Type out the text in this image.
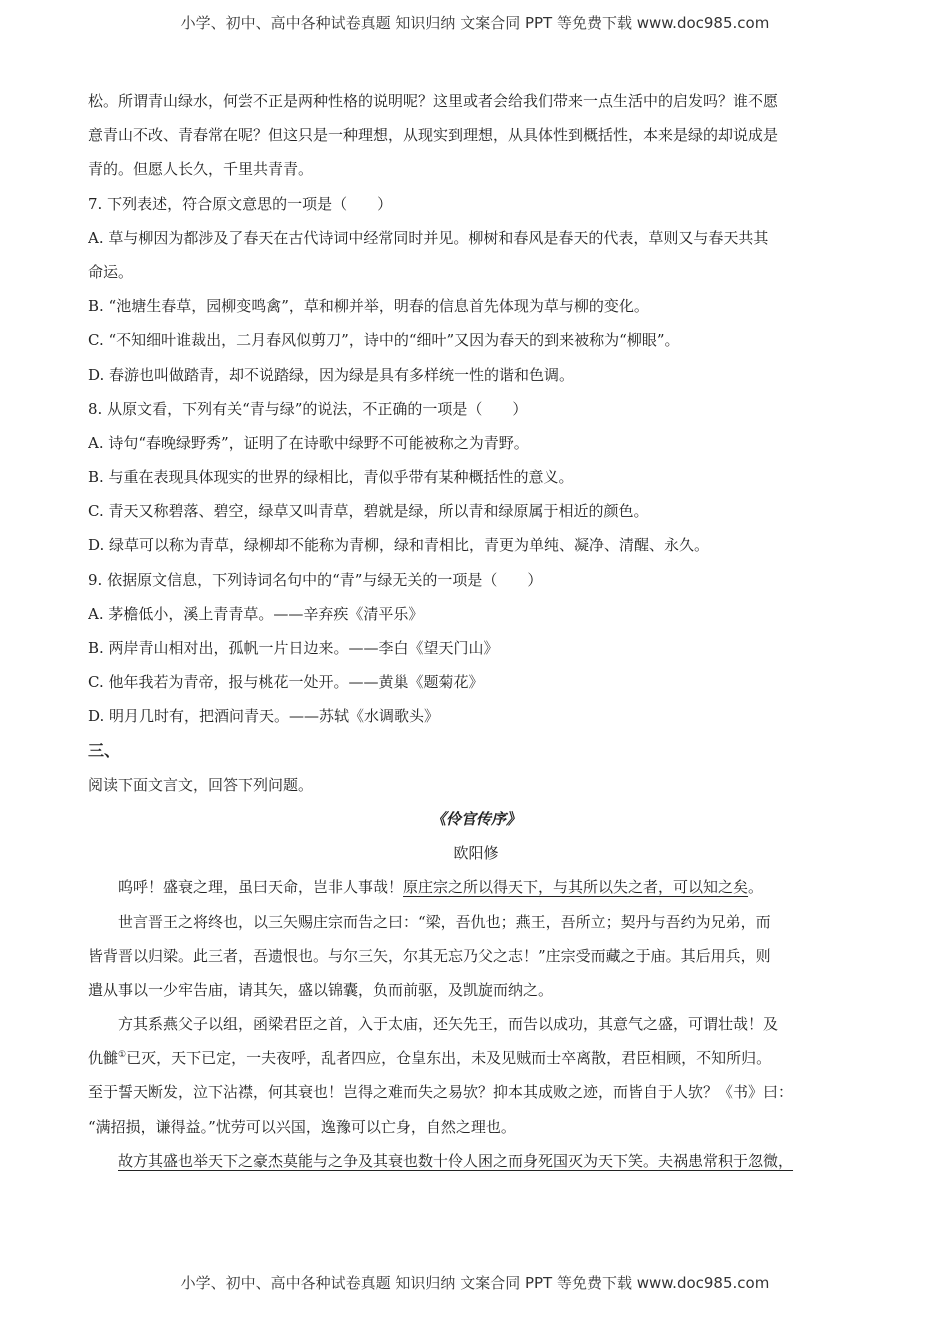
小学、初中、高中各种试卷真题 知识归纳 文案合同 PPT 等免费下载 www.doc985.com
松。所谓青山绿水，何尝不正是两种性格的说明呢？这里或者会给我们带来一点生活中的启发吗？谁不愿
意青山不改、青春常在呢？但这只是一种理想，从现实到理想，从具体性到概括性，本来是绿的却说成是
青的。但愿人长久，千里共青青。
7. 下列表述，符合原文意思的一项是（　　）
A. 草与柳因为都涉及了春天在古代诗词中经常同时并见。柳树和春风是春天的代表，草则又与春天共其
命运。
B. “池塘生春草，园柳变鸣禽”，草和柳并举，明春的信息首先体现为草与柳的变化。
C. “不知细叶谁裁出，二月春风似剪刀”，诗中的“细叶”又因为春天的到来被称为“柳眼”。
D. 春游也叫做踏青，却不说踏绿，因为绿是具有多样统一性的谐和色调。
8. 从原文看，下列有关“青与绿”的说法，不正确的一项是（　　）
A. 诗句“春晚绿野秀”，证明了在诗歌中绿野不可能被称之为青野。
B. 与重在表现具体现实的世界的绿相比，青似乎带有某种概括性的意义。
C. 青天又称碧落、碧空，绿草又叫青草，碧就是绿，所以青和绿原属于相近的颜色。
D. 绿草可以称为青草，绿柳却不能称为青柳，绿和青相比，青更为单纯、凝净、清醒、永久。
9. 依据原文信息，下列诗词名句中的“青”与绿无关的一项是（　　）
A. 茅檐低小，溪上青青草。——辛弃疾《清平乐》
B. 两岸青山相对出，孤帆一片日边来。——李白《望天门山》
C. 他年我若为青帝，报与桃花一处开。——黄巢《题菊花》
D. 明月几时有，把酒问青天。——苏轼《水调歌头》
三、
阅读下面文言文，回答下列问题。
《伶官传序》
欧阳修
呜呼！盛衰之理，虽曰天命，岂非人事哉！原庄宗之所以得天下，与其所以失之者，可以知之矣。
世言晋王之将终也，以三矢赐庄宗而告之曰：“梁，吾仇也；燕王，吾所立；契丹与吾约为兄弟，而
皆背晋以归梁。此三者，吾遗恨也。与尔三矢，尔其无忘乃父之志！”庄宗受而藏之于庙。其后用兵，则
遣从事以一少牢告庙，请其矢，盛以锦囊，负而前驱，及凯旋而纳之。
方其系燕父子以组，函梁君臣之首，入于太庙，还矢先王，而告以成功，其意气之盛，可谓壮哉！及
仇雠①已灭，天下已定，一夫夜呼，乱者四应，仓皇东出，未及见贼而士卒离散，君臣相顾，不知所归。
至于誓天断发，泣下沾襟，何其衰也！岂得之难而失之易欤？抑本其成败之迹，而皆自于人欤？《书》曰：
“满招损，谦得益。”忧劳可以兴国，逸豫可以亡身，自然之理也。
故方其盛也举天下之豪杰莫能与之争及其衰也数十伶人困之而身死国灭为天下笑。夫祸患常积于忽微，
小学、初中、高中各种试卷真题 知识归纳 文案合同 PPT 等免费下载 www.doc985.com
